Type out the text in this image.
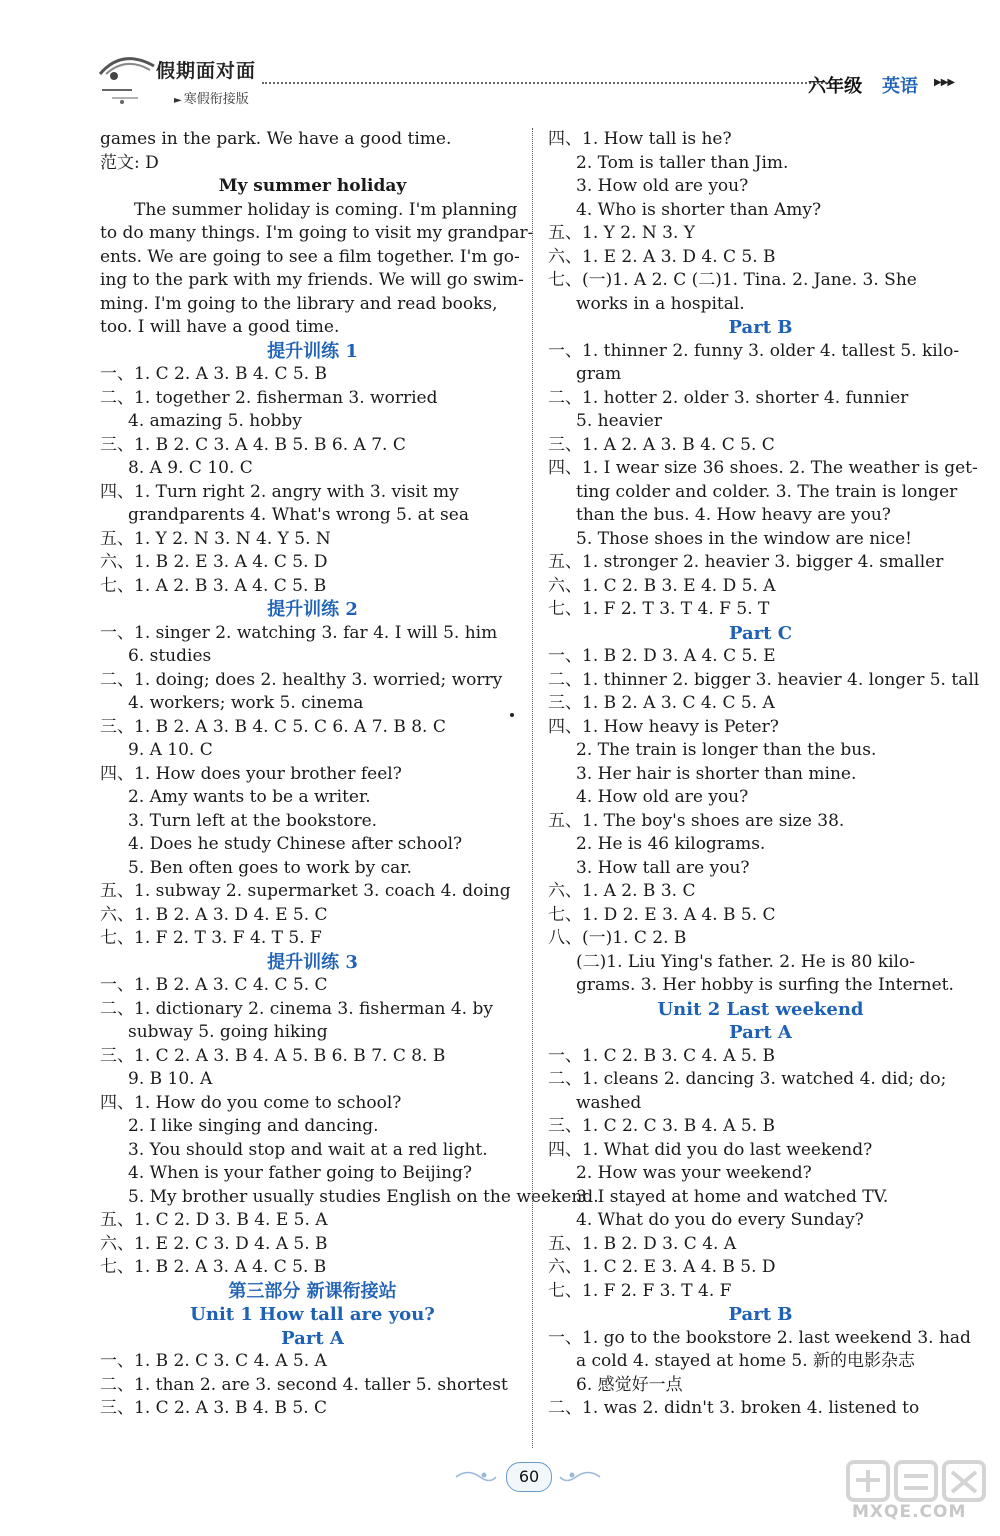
假期面对面
► 寒假衔接版
六年级 英语 ▶▶▶
games in the park. We have a good time.
范文: D
My summer holiday
The summer holiday is coming. I'm planning
to do many things. I'm going to visit my grandpar-
ents. We are going to see a film together. I'm go-
ing to the park with my friends. We will go swim-
ming. I'm going to the library and read books,
too. I will have a good time.
提升训练 1
一、1. C 2. A 3. B 4. C 5. B
二、1. together 2. fisherman 3. worried
4. amazing 5. hobby
三、1. B 2. C 3. A 4. B 5. B 6. A 7. C
8. A 9. C 10. C
四、1. Turn right 2. angry with 3. visit my
grandparents 4. What's wrong 5. at sea
五、1. Y 2. N 3. N 4. Y 5. N
六、1. B 2. E 3. A 4. C 5. D
七、1. A 2. B 3. A 4. C 5. B
提升训练 2
一、1. singer 2. watching 3. far 4. I will 5. him
6. studies
二、1. doing; does 2. healthy 3. worried; worry
4. workers; work 5. cinema
三、1. B 2. A 3. B 4. C 5. C 6. A 7. B 8. C
9. A 10. C
四、1. How does your brother feel?
2. Amy wants to be a writer.
3. Turn left at the bookstore.
4. Does he study Chinese after school?
5. Ben often goes to work by car.
五、1. subway 2. supermarket 3. coach 4. doing
六、1. B 2. A 3. D 4. E 5. C
七、1. F 2. T 3. F 4. T 5. F
提升训练 3
一、1. B 2. A 3. C 4. C 5. C
二、1. dictionary 2. cinema 3. fisherman 4. by
subway 5. going hiking
三、1. C 2. A 3. B 4. A 5. B 6. B 7. C 8. B
9. B 10. A
四、1. How do you come to school?
2. I like singing and dancing.
3. You should stop and wait at a red light.
4. When is your father going to Beijing?
5. My brother usually studies English on the weekend.
五、1. C 2. D 3. B 4. E 5. A
六、1. E 2. C 3. D 4. A 5. B
七、1. B 2. A 3. A 4. C 5. B
第三部分 新课衔接站
Unit 1 How tall are you?
Part A
一、1. B 2. C 3. C 4. A 5. A
二、1. than 2. are 3. second 4. taller 5. shortest
三、1. C 2. A 3. B 4. B 5. C
四、1. How tall is he?
2. Tom is taller than Jim.
3. How old are you?
4. Who is shorter than Amy?
五、1. Y 2. N 3. Y
六、1. E 2. A 3. D 4. C 5. B
七、(一)1. A 2. C (二)1. Tina. 2. Jane. 3. She
works in a hospital.
Part B
一、1. thinner 2. funny 3. older 4. tallest 5. kilo-
gram
二、1. hotter 2. older 3. shorter 4. funnier
5. heavier
三、1. A 2. A 3. B 4. C 5. C
四、1. I wear size 36 shoes. 2. The weather is get-
ting colder and colder. 3. The train is longer
than the bus. 4. How heavy are you?
5. Those shoes in the window are nice!
五、1. stronger 2. heavier 3. bigger 4. smaller
六、1. C 2. B 3. E 4. D 5. A
七、1. F 2. T 3. T 4. F 5. T
Part C
一、1. B 2. D 3. A 4. C 5. E
二、1. thinner 2. bigger 3. heavier 4. longer 5. tall
三、1. B 2. A 3. C 4. C 5. A
四、1. How heavy is Peter?
2. The train is longer than the bus.
3. Her hair is shorter than mine.
4. How old are you?
五、1. The boy's shoes are size 38.
2. He is 46 kilograms.
3. How tall are you?
六、1. A 2. B 3. C
七、1. D 2. E 3. A 4. B 5. C
八、(一)1. C 2. B
(二)1. Liu Ying's father. 2. He is 80 kilo-
grams. 3. Her hobby is surfing the Internet.
Unit 2 Last weekend
Part A
一、1. C 2. B 3. C 4. A 5. B
二、1. cleans 2. dancing 3. watched 4. did; do;
washed
三、1. C 2. C 3. B 4. A 5. B
四、1. What did you do last weekend?
2. How was your weekend?
3. I stayed at home and watched TV.
4. What do you do every Sunday?
五、1. B 2. D 3. C 4. A
六、1. C 2. E 3. A 4. B 5. D
七、1. F 2. F 3. T 4. F
Part B
一、1. go to the bookstore 2. last weekend 3. had
a cold 4. stayed at home 5. 新的电影杂志
6. 感觉好一点
二、1. was 2. didn't 3. broken 4. listened to
60
MXQE.COM
